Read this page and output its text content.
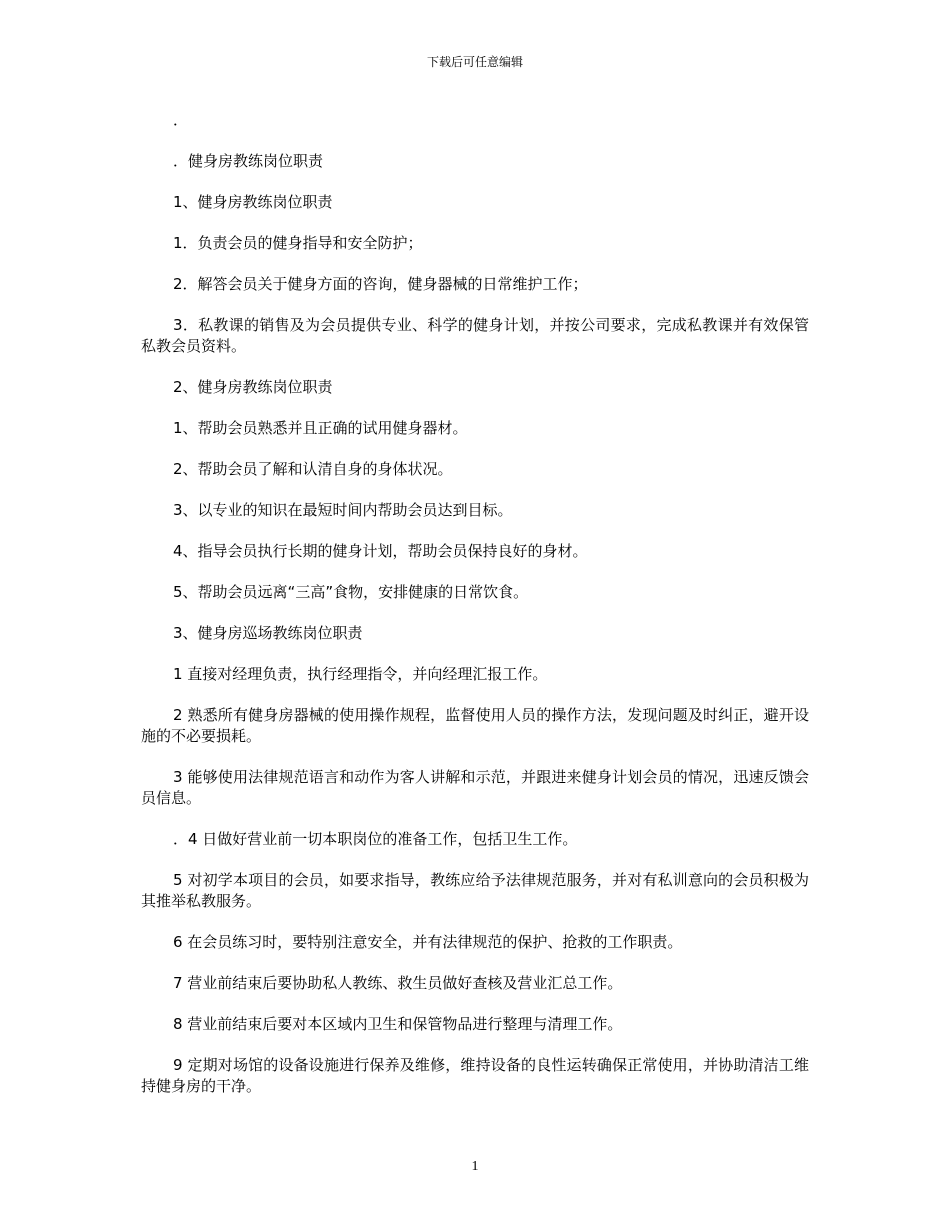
下载后可任意编辑

．

．健身房教练岗位职责

1、健身房教练岗位职责

1．负责会员的健身指导和安全防护；

2．解答会员关于健身方面的咨询，健身器械的日常维护工作；

3．私教课的销售及为会员提供专业、科学的健身计划，并按公司要求，完成私教课并有效保管私教会员资料。

2、健身房教练岗位职责

1、帮助会员熟悉并且正确的试用健身器材。

2、帮助会员了解和认清自身的身体状况。

3、以专业的知识在最短时间内帮助会员达到目标。

4、指导会员执行长期的健身计划，帮助会员保持良好的身材。

5、帮助会员远离“三高”食物，安排健康的日常饮食。

3、健身房巡场教练岗位职责

1 直接对经理负责，执行经理指令，并向经理汇报工作。

2 熟悉所有健身房器械的使用操作规程，监督使用人员的操作方法，发现问题及时纠正，避开设施的不必要损耗。

3 能够使用法律规范语言和动作为客人讲解和示范，并跟进来健身计划会员的情况，迅速反馈会员信息。

．4 日做好营业前一切本职岗位的准备工作，包括卫生工作。

5 对初学本项目的会员，如要求指导，教练应给予法律规范服务，并对有私训意向的会员积极为其推举私教服务。

6 在会员练习时，要特别注意安全，并有法律规范的保护、抢救的工作职责。

7 营业前结束后要协助私人教练、救生员做好查核及营业汇总工作。

8 营业前结束后要对本区域内卫生和保管物品进行整理与清理工作。

9 定期对场馆的设备设施进行保养及维修，维持设备的良性运转确保正常使用，并协助清洁工维持健身房的干净。

1
